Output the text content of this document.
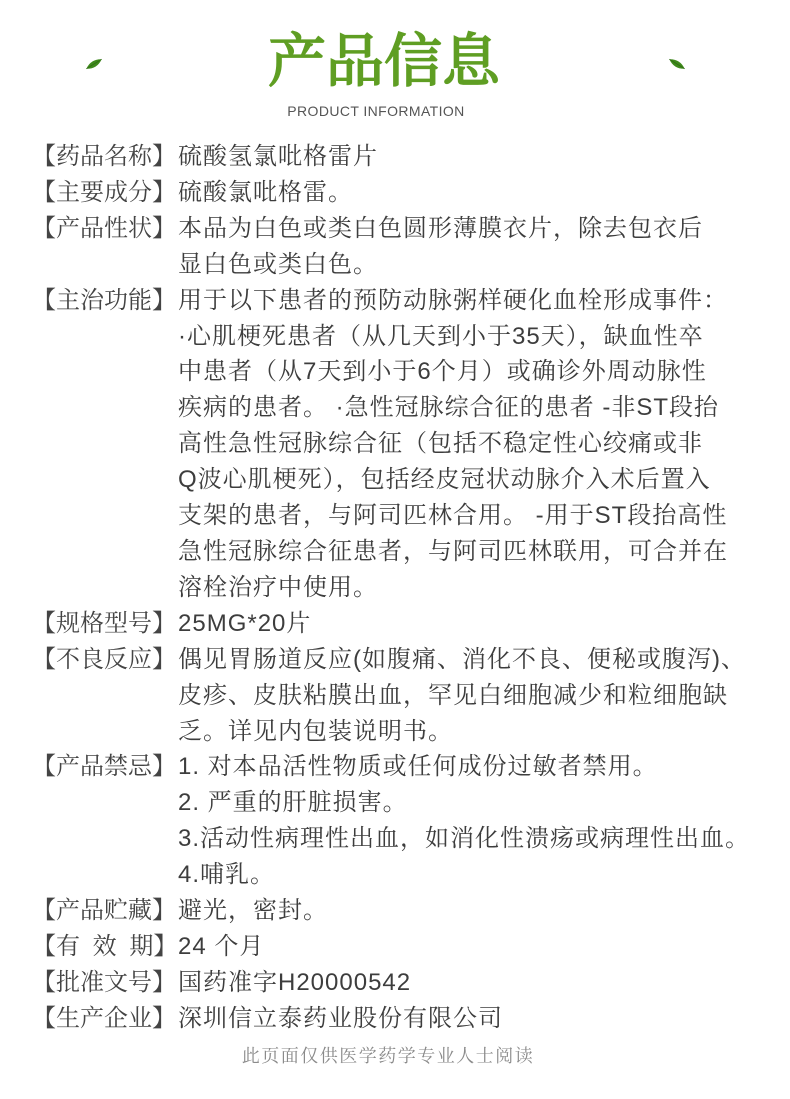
产品信息
PRODUCT INFORMATION
【药品名称】 硫酸氢氯吡格雷片
【主要成分】 硫酸氯吡格雷。
【产品性状】 本品为白色或类白色圆形薄膜衣片，除去包衣后
显白色或类白色。
【主治功能】 用于以下患者的预防动脉粥样硬化血栓形成事件：
·心肌梗死患者（从几天到小于35天），缺血性卒
中患者（从7天到小于6个月）或确诊外周动脉性
疾病的患者。 ·急性冠脉综合征的患者 -非ST段抬
高性急性冠脉综合征（包括不稳定性心绞痛或非
Q波心肌梗死），包括经皮冠状动脉介入术后置入
支架的患者，与阿司匹林合用。 -用于ST段抬高性
急性冠脉综合征患者，与阿司匹林联用，可合并在
溶栓治疗中使用。
【规格型号】 25MG*20片
【不良反应】 偶见胃肠道反应(如腹痛、消化不良、便秘或腹泻)、
皮疹、皮肤粘膜出血，罕见白细胞减少和粒细胞缺
乏。详见内包装说明书。
【产品禁忌】 1. 对本品活性物质或任何成份过敏者禁用。
2. 严重的肝脏损害。
3.活动性病理性出血，如消化性溃疡或病理性出血。
4.哺乳。
【产品贮藏】 避光，密封。
【有 效 期】 24 个月
【批准文号】 国药准字H20000542
【生产企业】 深圳信立泰药业股份有限公司
此页面仅供医学药学专业人士阅读
